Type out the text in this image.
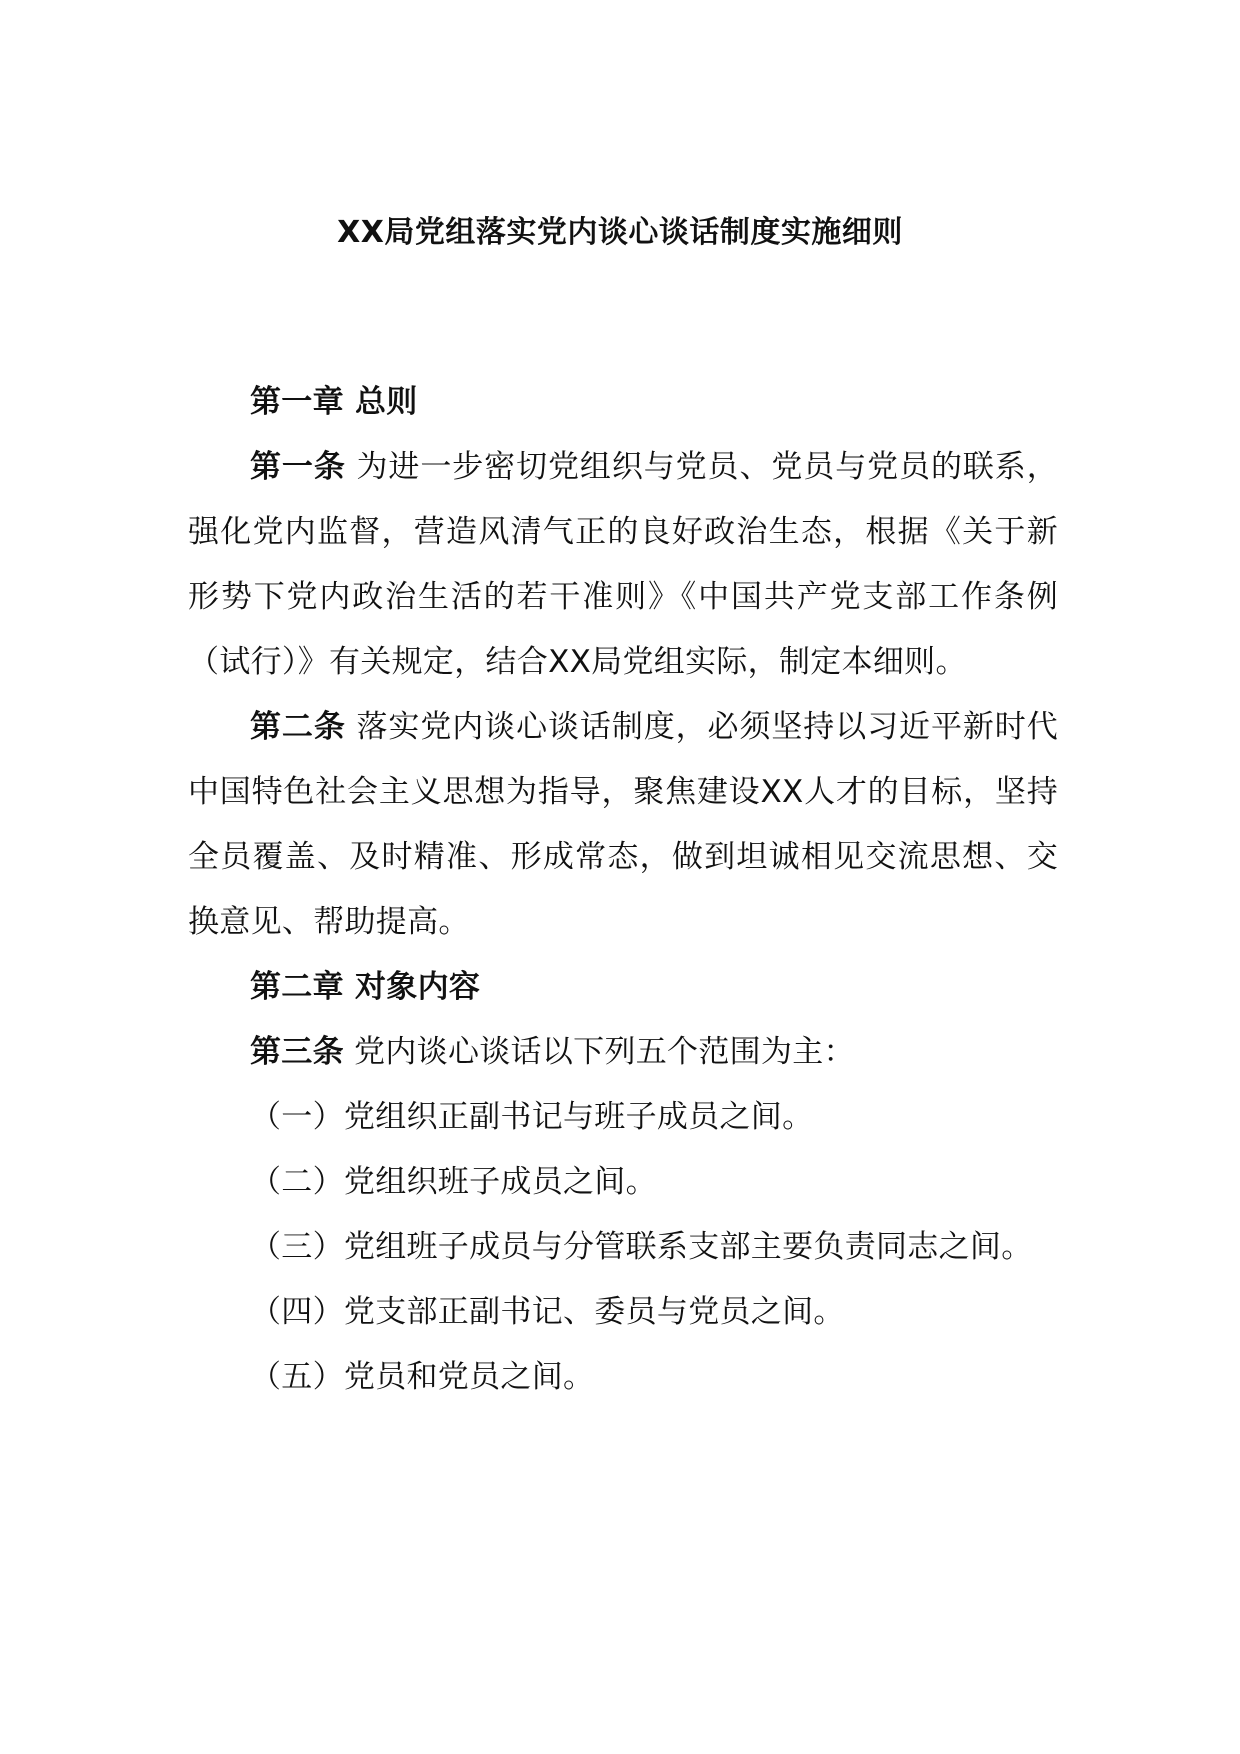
XX局党组落实党内谈心谈话制度实施细则

第一章 总则

第一条 为进一步密切党组织与党员、党员与党员的联系，强化党内监督，营造风清气正的良好政治生态，根据《关于新形势下党内政治生活的若干准则》《中国共产党支部工作条例（试行）》有关规定，结合XX局党组实际，制定本细则。

第二条 落实党内谈心谈话制度，必须坚持以习近平新时代中国特色社会主义思想为指导，聚焦建设XX人才的目标，坚持全员覆盖、及时精准、形成常态，做到坦诚相见交流思想、交换意见、帮助提高。

第二章 对象内容

第三条 党内谈心谈话以下列五个范围为主：

（一）党组织正副书记与班子成员之间。

（二）党组织班子成员之间。

（三）党组班子成员与分管联系支部主要负责同志之间。

（四）党支部正副书记、委员与党员之间。

（五）党员和党员之间。
